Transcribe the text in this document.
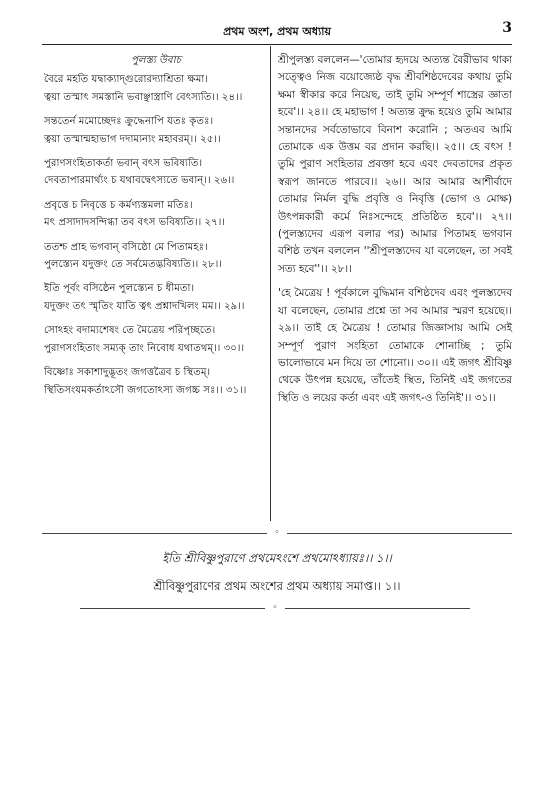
প্রথম অংশ, প্রথম অধ্যায়	3
পুলস্ত্য উবাচ
বৈরে মহতি যদ্বাক্যাদ্গুরোরদ্যাশ্রিতা ক্ষমা।
ত্বয়া তস্মাৎ সমস্তানি ভবাঞ্ছাস্ত্রাণি বেৎস্যতি।। ২৪।।
সন্ততের্ন মমোচ্ছেদঃ ক্রুদ্ধেনাপি যতঃ কৃতঃ।
ত্বয়া তস্মান্মহাভাগ দদাম্যন্যং মহাবরম্।। ২৫।।
পুরাণসংহিতাকর্তা ভবান্ বৎস ভবিষ্যতি।
দেবতাপারমার্থ্যং চ যথাবদ্বেৎস্যতে ভবান্।। ২৬।।
প্রবৃত্তে চ নিবৃত্তে চ কর্মণ্যস্তমলা মতিঃ।
মৎ প্রসাদাদসন্দিগ্ধা তব বৎস ভবিষ্যতি।। ২৭।।
ততশ্চ প্রাহ ভগবান্ বসিষ্ঠো মে পিতামহঃ।
পুলস্ত্যেন যদুক্তং তে সর্বমেতদ্ভবিষ্যতি।। ২৮।।
ইতি পূর্বং বসিষ্ঠেন পুলস্ত্যেন চ ধীমতা।
যদুক্তং তৎ স্মৃতিং যাতি ত্বৎ প্রশ্নাদখিলং মম।। ২৯।।
সোঽহং বদাম্যশেষং তে মৈত্রেয় পরিপৃচ্ছতে।
পুরাণসংহিতাং সম্যক্ তাং নিবোধ যথাতথম্।। ৩০।।
বিষ্ণোঃ সকাশাদুদ্ভূতং জগত্তত্রৈব চ স্থিতম্।
স্থিতিসংযমকর্তাঽসৌ জগতোঽস্য জগচ্চ সঃ।। ৩১।।

শ্রীপুলস্ত্য বললেন—'তোমার হৃদয়ে অত্যন্ত বৈরীভাব থাকা সত্ত্বেও নিজ বয়োজ্যেষ্ঠ বৃদ্ধ শ্রীবশিষ্ঠদেবের কথায় তুমি ক্ষমা স্বীকার করে নিয়েছ, তাই তুমি সম্পূর্ণ শাস্ত্রের জ্ঞাতা হবে'।। ২৪।। হে মহাভাগ ! অত্যন্ত ক্রুদ্ধ হয়েও তুমি আমার সন্তানদের সর্বতোভাবে বিনাশ করোনি ; অতএব আমি তোমাকে এক উত্তম বর প্রদান করছি।। ২৫।। হে বৎস ! তুমি পুরাণ সংহিতার প্রবক্তা হবে এবং দেবতাদের প্রকৃত স্বরূপ জানতে পারবে।। ২৬।। আর আমার আশীর্বাদে তোমার নির্মল বুদ্ধি প্রবৃত্তি ও নিবৃত্তি (ভোগ ও মোক্ষ) উৎপন্নকারী কর্মে নিঃসন্দেহে প্রতিষ্ঠিত হবে'।। ২৭।। (পুলস্ত্যদেব এরূপ বলার পর) আমার পিতামহ ভগবান বশিষ্ঠ তখন বললেন ''শ্রীপুলস্ত্যদেব যা বলেছেন, তা সবই সত্য হবে''।। ২৮।।

'হে মৈত্রেয় ! পূর্বকালে বুদ্ধিমান বশিষ্ঠদেব এবং পুলস্ত্যদেব যা বলেছেন, তোমার প্রশ্নে তা সব আমার স্মরণ হয়েছে।। ২৯।। তাই হে মৈত্রেয় ! তোমার জিজ্ঞাসায় আমি সেই সম্পূর্ণ পুরাণ সংহিতা তোমাকে শোনাচ্ছি ; তুমি ভালোভাবে মন দিয়ে তা শোনো।। ৩০।। এই জগৎ শ্রীবিষ্ণু থেকে উৎপন্ন হয়েছে, তাঁতেই স্থিত, তিনিই এই জগতের স্থিতি ও লয়ের কর্তা এবং এই জগৎ-ও তিনিই'।। ৩১।।

◦
ইতি শ্রীবিষ্ণুপুরাণে প্রথমেঽংশে প্রথমোঽধ্যায়ঃ।। ১।।
শ্রীবিষ্ণুপুরাণের প্রথম অংশের প্রথম অধ্যায় সমাপ্ত।। ১।।
◦
